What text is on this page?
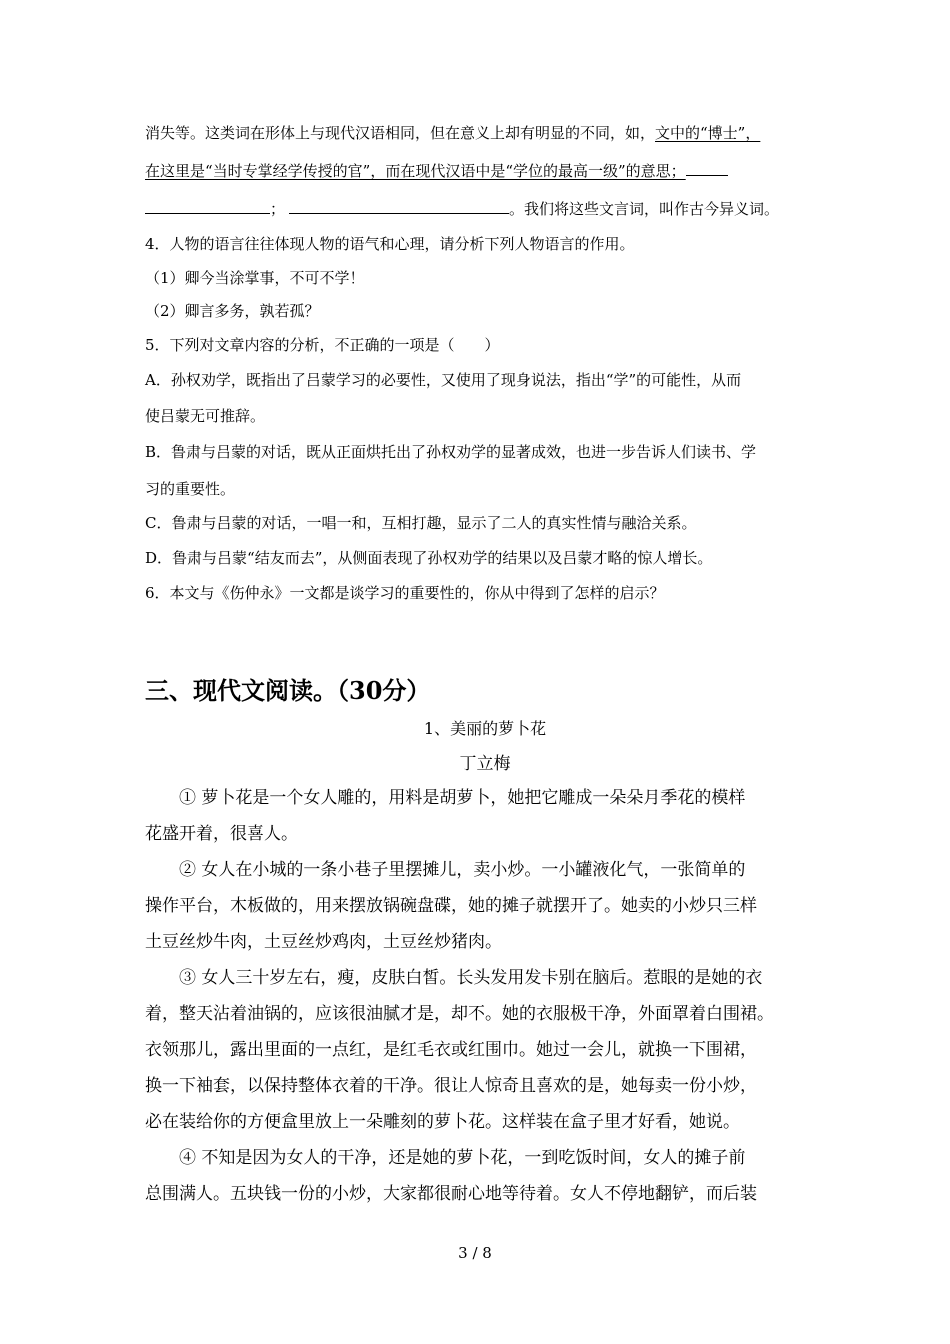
消失等。这类词在形体上与现代汉语相同，但在意义上却有明显的不同，如，文中的“博士”，
在这里是“当时专掌经学传授的官”，而在现代汉语中是“学位的最高一级”的意思；
；	。我们将这些文言词，叫作古今异义词。
4．人物的语言往往体现人物的语气和心理，请分析下列人物语言的作用。
（1）卿今当涂掌事，不可不学！
（2）卿言多务，孰若孤？
5．下列对文章内容的分析，不正确的一项是（　　）
A．孙权劝学，既指出了吕蒙学习的必要性，又使用了现身说法，指出“学”的可能性，从而
使吕蒙无可推辞。
B．鲁肃与吕蒙的对话，既从正面烘托出了孙权劝学的显著成效，也进一步告诉人们读书、学
习的重要性。
C．鲁肃与吕蒙的对话，一唱一和，互相打趣，显示了二人的真实性情与融洽关系。
D．鲁肃与吕蒙“结友而去”，从侧面表现了孙权劝学的结果以及吕蒙才略的惊人增长。
6．本文与《伤仲永》一文都是谈学习的重要性的，你从中得到了怎样的启示？
三、现代文阅读。（30分）
1、美丽的萝卜花
丁立梅
　　① 萝卜花是一个女人雕的，用料是胡萝卜，她把它雕成一朵朵月季花的模样
花盛开着，很喜人。
　　② 女人在小城的一条小巷子里摆摊儿，卖小炒。一小罐液化气，一张简单的
操作平台，木板做的，用来摆放锅碗盘碟，她的摊子就摆开了。她卖的小炒只三样
土豆丝炒牛肉，土豆丝炒鸡肉，土豆丝炒猪肉。
　　③ 女人三十岁左右，瘦，皮肤白皙。长头发用发卡别在脑后。惹眼的是她的衣
着，整天沾着油锅的，应该很油腻才是，却不。她的衣服极干净，外面罩着白围裙。
衣领那儿，露出里面的一点红，是红毛衣或红围巾。她过一会儿，就换一下围裙，
换一下袖套，以保持整体衣着的干净。很让人惊奇且喜欢的是，她每卖一份小炒，
必在装给你的方便盒里放上一朵雕刻的萝卜花。这样装在盒子里才好看，她说。
　　④ 不知是因为女人的干净，还是她的萝卜花，一到吃饭时间，女人的摊子前
总围满人。五块钱一份的小炒，大家都很耐心地等待着。女人不停地翻铲，而后装
3 / 8
